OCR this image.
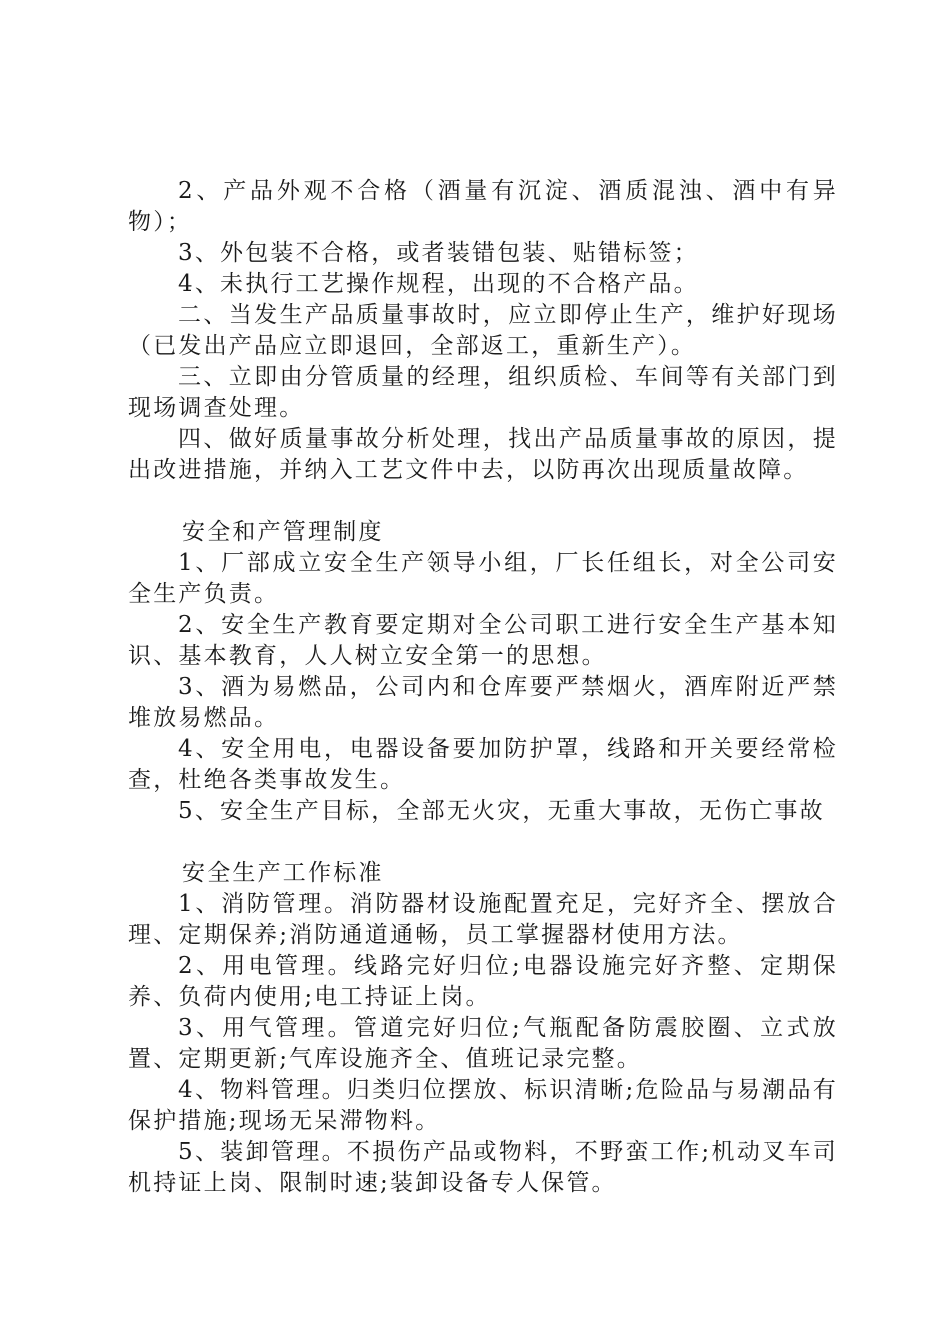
2、产品外观不合格（酒量有沉淀、酒质混浊、酒中有异物）；

3、外包装不合格，或者装错包装、贴错标签；

4、未执行工艺操作规程，出现的不合格产品。

二、当发生产品质量事故时，应立即停止生产，维护好现场（已发出产品应立即退回，全部返工，重新生产）。

三、立即由分管质量的经理，组织质检、车间等有关部门到现场调查处理。

四、做好质量事故分析处理，找出产品质量事故的原因，提出改进措施，并纳入工艺文件中去，以防再次出现质量故障。

安全和产管理制度

1、厂部成立安全生产领导小组，厂长任组长，对全公司安全生产负责。

2、安全生产教育要定期对全公司职工进行安全生产基本知识、基本教育，人人树立安全第一的思想。

3、酒为易燃品，公司内和仓库要严禁烟火，酒库附近严禁堆放易燃品。

4、安全用电，电器设备要加防护罩，线路和开关要经常检查，杜绝各类事故发生。

5、安全生产目标，全部无火灾，无重大事故，无伤亡事故

安全生产工作标准

1、消防管理。消防器材设施配置充足，完好齐全、摆放合理、定期保养;消防通道通畅，员工掌握器材使用方法。

2、用电管理。线路完好归位;电器设施完好齐整、定期保养、负荷内使用;电工持证上岗。

3、用气管理。管道完好归位;气瓶配备防震胶圈、立式放置、定期更新;气库设施齐全、值班记录完整。

4、物料管理。归类归位摆放、标识清晰;危险品与易潮品有保护措施;现场无呆滞物料。

5、装卸管理。不损伤产品或物料，不野蛮工作;机动叉车司机持证上岗、限制时速;装卸设备专人保管。
